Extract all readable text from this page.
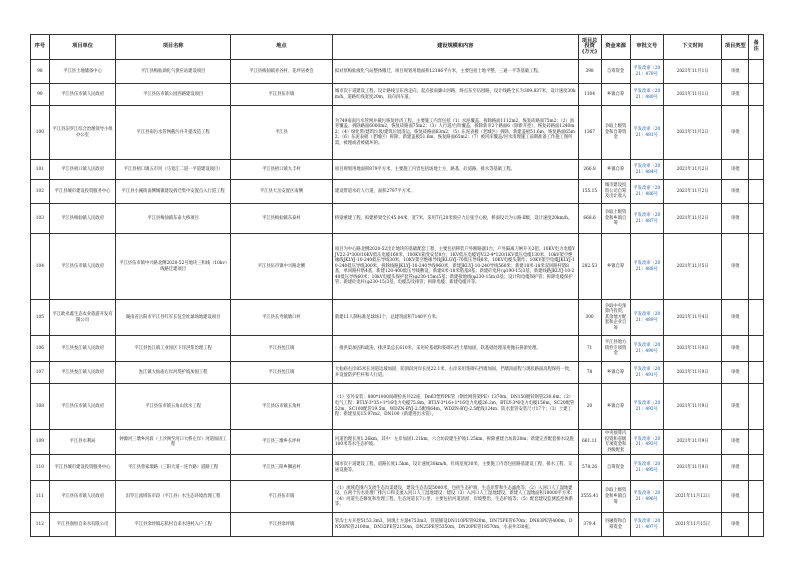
序号	项目单位	项目名称	地点	建设规模和内容	项目总投资(万元)	资金来源	审批文号	下文时间	项目类型	备注
98	平江县土地储备中心	平江县梅仙酒化气供应站建设项目	平江县梅仙镇青谷村、花坪居委会	拟对原梅仙液化气站整体搬迁，项目规划用地面积12186平方米，主要包括土地平整、三通一平等基础工程。	398	自筹资金	平发改审〔2021〕479号	2021年11月1日	审批	
99	平江县伍市镇人民政府	平江县伍市镇公园西路建设项目	平江县伍市镇	城市次干道建设工程，设计路线呈东西走向，起点接南廉山河路，终点东至伍园路，设计线路全长为309.837米，设计速度30km/h，道路红线宽度20m，双向四车道。	1104	乡镇自筹	平发改审〔2021〕480号	2021年11月1日	审批	
100	平江县汨罗江综合治理领导小组办公室	平江县南污水管网截污并升提改造工程	平江县	为749南南污水管网并截污恢复经济工程，主要施工内容包括（1）水泥覆盖、拆除路面1112m2，恢复砖路面75m2；（2）沥青覆盖、拆除路面6000m2，恢复砖路面75m2；（3）人行道/台阶覆盖，拆除新市2个路面6（除新开挖），恢复砖路面1240m2；（4）绿化带/建筑垃圾/建筑垃圾清运，恢复砖路面63m2；（5）东泥表板（老城区）拆除，新建盖板51.6m，恢复路面65m2；（6）东泥表板（老城区）拆除，新建盖板51.6m，恢复路面65m2；（7）被河床覆盖/河水清理施工前期准备工作施工图所需，被埋或者被破坏的。	1367	争取上级资金和自筹资金	平发改审〔2021〕481号	2021年11月2日	审批	
101	平江县梧口镇人民政府	平江县梧口镇五市河（马宽江二道一平道建设项目）	平江县梧口镇九丰村	项目规划用地面积879平方米，主要施工内容包括场地土方，路基、砼道路，排水等基础工程。	266.8	乡镇自筹	平发改审〔2021〕484号	2021年11月2日	审批	
102	平江县城市建设投资服务中心	平江县小溪街南侧城镇建设拆迁集中安置点入行道工程	平江县天岳安置区南侧	建设带道水砼人行道，面积2797平方米。	155.15	城市建设投资公司自筹及出让收入	平发改审〔2021〕486号	2021年11月2日	审批	
103	平江县梅仙镇人民政府	平江县梅仙镇东泰大桥项目	平江县梅仙镇东泰村	桥梁重建工程，拟建桥梁全长45.04米，宽7米，采用7孔20米预应力后张空心板，桥面设计为公路-Ⅱ级，设计速度20km/h。	668.6	争取上级资金和乡镇自筹	平发改审〔2021〕487号	2021年11月2日	审批	
104	平江县伍市镇人民政府	平江县伍市镇中兴路北侧2020-52号地块三和线（10kv）线路迁建项目	平江县伍市镇中兴路北侧	项目为中心路北侧2020-52出让地块的基础配套工程，主要包括移装户外断路器1台，户外隔离刀闸开关2把，10KV电力电缆YJV22-3*300/10KV低压电缆160米，100KV箱变安装8台；1KV低压电缆YJV22-4*120/1KV低压电缆130米、10kV架空绝缘线JKLYJ-10-240低压导线30米，10KV架空绝缘导线JKLGYJ-70低压导线8米，10KV电缆头制作；10KV架空电缆JKLYJ-10-240低压导线300米，拆除线路JKLYJ-10-240导线960米，新建JKLYJ-10-240导线560米；新建18米-18米双回路杆塔8基，单回路杆塔4基，新建120-400低压导线敷设，新建8米-18米塔基8基；新建砼电杆(φ190-15)3基，新建线路JKLYJ-10-240低压导线60米；10kV电缆头保护套管(φ230-15m)5基；新建接地线(φ230-15m)3基；设计和电缆保护管；拆除电缆保护管；新建砼电杆(φ230-15)3基，电缆沟及排管；拆除电缆；新建电缆井等。	282.53	乡镇自筹	平发改审〔2021〕488号	2021年11月5日	审批	
105	平江欧亚鑫生态农业旅游开发有限公司	湖南省岳阳市平江县红军长征会址球场地建设项目	平江县长寿镇塘口村	新建11人制标准足球场1个，总建筑面积7140平方米。	300	争取中央预算内投资，其余地方配套和企业自筹	平发改审〔2021〕489号	2021年11月4日	审批	
106	平江县瓮江镇人民政府	平江县瓮江镇工业园区下洋洪浆治理工程	平江县瓮江镇	：排洪渠加固和疏浚，排洪渠总长610米，采用砼基础和浆砌石挡土墙加固，软基础处理采用抛石挤淤处理。	71	平江县地方债券专项资金	平发改审〔2021〕490号	2021年11月9日	审批	
107	平江县瓮江镇人民政府	瓮江镇大仙庙右岸河堤护坡加固工程	平江县瓮江镇	大仙庙右岸85米长河道边坡加固，防滑段河岸长度22.1米，右岸采用浆砌石挡墙加固，挡墙顶面程与现状路面高程保持一致，并设置防护栏杆和人行道。	78	乡镇自筹	平发改审〔2021〕491号	2021年11月9日	审批	
108	平江县伍市镇人民政府	平江县伍市镇五角山饮水工程	平江县伍市镇五角村	（1）室外安装：800*1000间砌检查井22座，Dn63塑料PE管（钢丝网骨架PE）1370m，DN150镀锌钢管230.6m；（2）电气工程：BTLY-3*35+1*16电力电缆75.8m，BTLY-3*16+1*16电力电缆26.2m，BTLY-3*6电力电缆156m，SC20配管52m，SC100配管19.5m，WDZN-BYJ-2.5配线64m，WDZN-BYJ-2.5配线124m；防水套管安装尺寸17个；（3）土建工程：新建泵房15.97m2，DN100（新建进出水管）。	20	乡镇自筹	平发改审〔2021〕492号	2021年11月9日	审批	
109	平江县水利局	钟源河三墩乡河段（上沙洲至河口大桥左岸）河道加固工程	平江县三墩乡长坪村	河道治理长度1.26km，其中：左岸加固1.21km，六合坊段建生护坡1.25km，拆除重建合坊段20m；新建完善配套排水设施100米等水生态护坡。	661.11	中央预算内投资和省级专项资金和县级配套	平发改审〔2021〕493号	2021年11月9日	审批	
110	平江县城市建设投资服务中心	平江县曾家塅路（三阳大道一连竹路）道路工程	平江县三阳乡狮岩村	城市次干道建设工程，道路长度1.5km，设计速度30km/h，红线宽度30米，主要施工内容包括路基建设工程、排水工程、交通设施等。	578.26	自筹资金	平发改审〔2021〕495号	2021年11月9日	审批	
111	平江县伍市镇人民政府	汨罗江流域伍市段（平江县）水生态环境治理工程	平江县伍市镇	（1）流域范围内支流生态沟渠建设，建设生态沟渠5000米，包括生态护坡、生态岸带和生态滤池等；（2）入河口人工湿地建设，在两个污水处理厂排污口和支流入河口人工湿地建设：建设（3）入河口人工湿地建设，新建人工湿地面积18000平方米；（4）河道生态修复和治理工程，生态河道长7公里；主要包括河道清淤、岸坡整治、生态护坡等；（5）配套建设监测监控体系等。	3555.41	争取上级资金和乡镇自筹	平发改审〔2021〕496号	2021年11月12日	审批	
112	平江县润恒自来水有限公司	平江县余坪镇忘私村自来水进村入户工程	平江县余坪镇	管沟土方开挖5153.3m3，回填土方量4753m3，管道铺设DN110PE管920m，DN75PE管670m；DN63PE管400m，DN50PE管2100m，DN32PE管2150m，DN25PE管5350m，DN20PE管18570m，水表井330座。	379.4	县融资和自筹资金	平发改审〔2021〕497号	2021年11月15日	审批	
